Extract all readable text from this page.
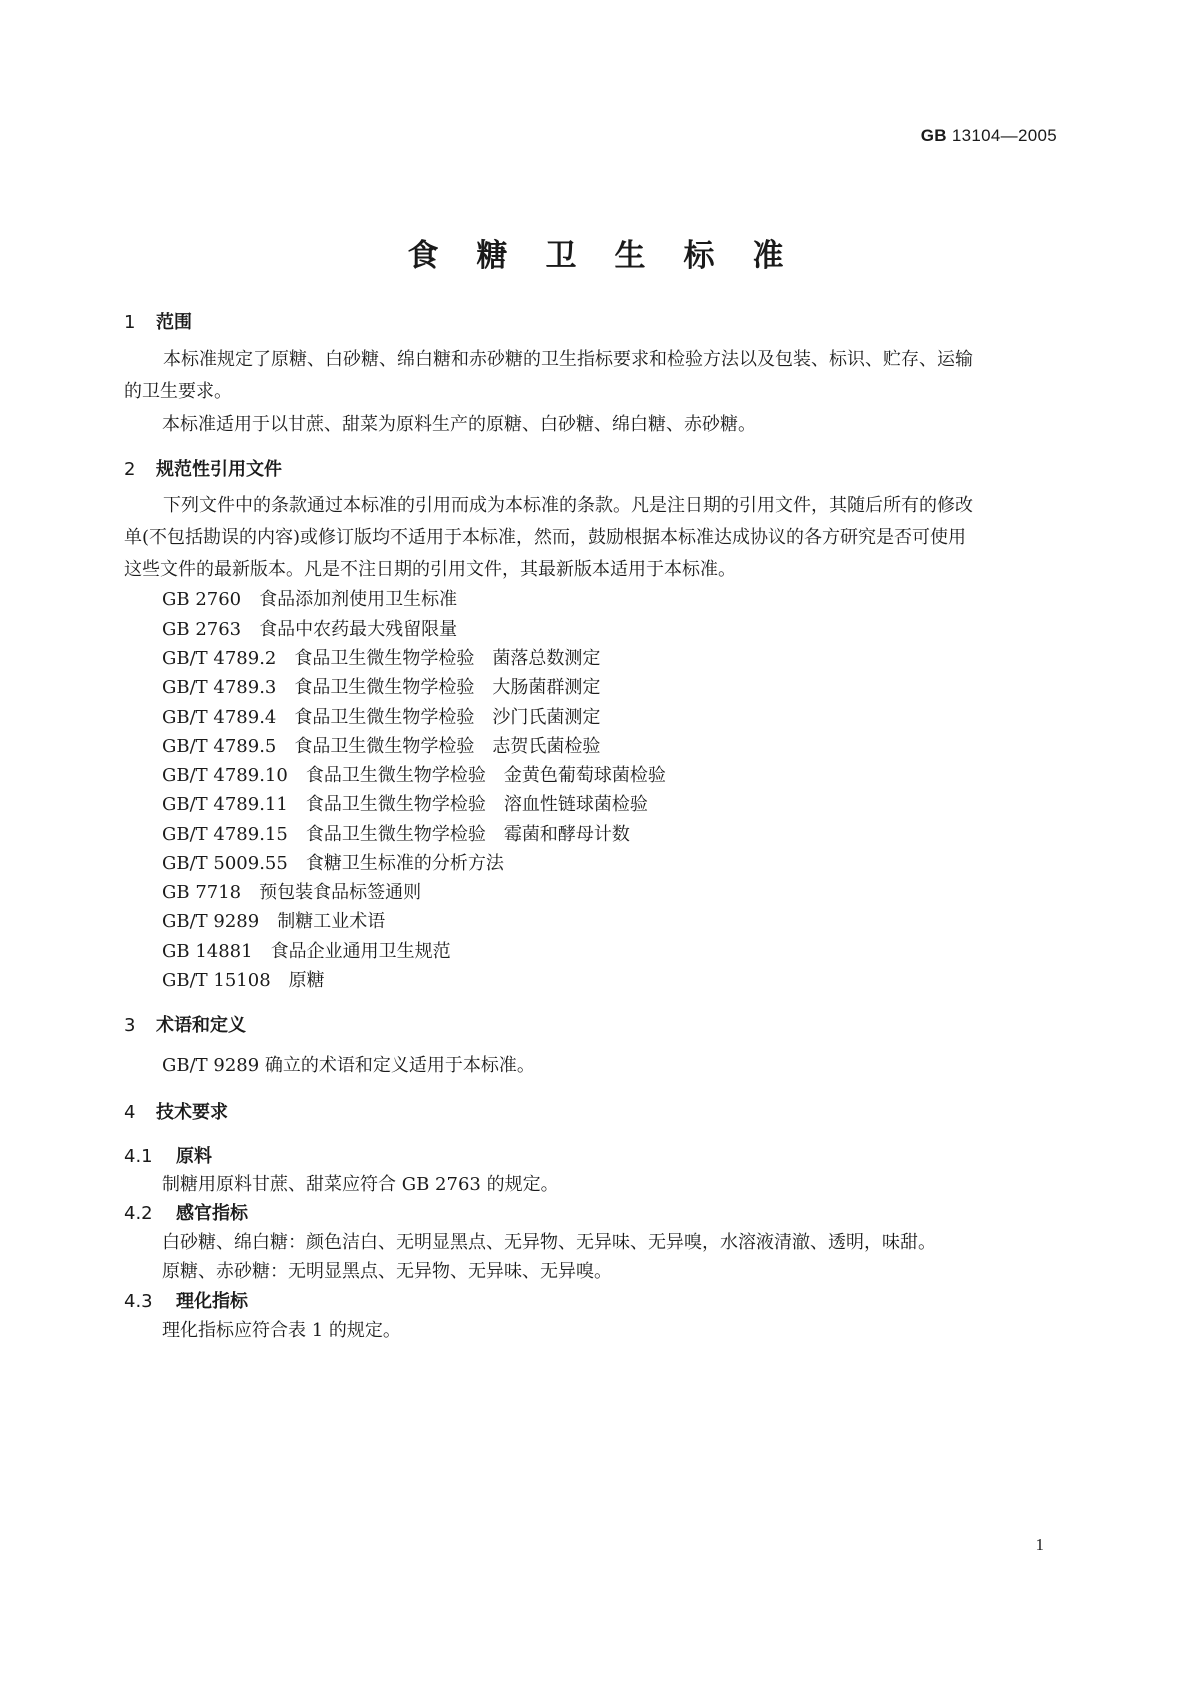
GB 13104—2005
食糖卫生标准
1 范围
本标准规定了原糖、白砂糖、绵白糖和赤砂糖的卫生指标要求和检验方法以及包装、标识、贮存、运输的卫生要求。
本标准适用于以甘蔗、甜菜为原料生产的原糖、白砂糖、绵白糖、赤砂糖。
2 规范性引用文件
下列文件中的条款通过本标准的引用而成为本标准的条款。凡是注日期的引用文件，其随后所有的修改单(不包括勘误的内容)或修订版均不适用于本标准，然而，鼓励根据本标准达成协议的各方研究是否可使用这些文件的最新版本。凡是不注日期的引用文件，其最新版本适用于本标准。
GB 2760　食品添加剂使用卫生标准
GB 2763　食品中农药最大残留限量
GB/T 4789.2　食品卫生微生物学检验　菌落总数测定
GB/T 4789.3　食品卫生微生物学检验　大肠菌群测定
GB/T 4789.4　食品卫生微生物学检验　沙门氏菌测定
GB/T 4789.5　食品卫生微生物学检验　志贺氏菌检验
GB/T 4789.10　食品卫生微生物学检验　金黄色葡萄球菌检验
GB/T 4789.11　食品卫生微生物学检验　溶血性链球菌检验
GB/T 4789.15　食品卫生微生物学检验　霉菌和酵母计数
GB/T 5009.55　食糖卫生标准的分析方法
GB 7718　预包装食品标签通则
GB/T 9289　制糖工业术语
GB 14881　食品企业通用卫生规范
GB/T 15108　原糖
3 术语和定义
GB/T 9289 确立的术语和定义适用于本标准。
4 技术要求
4.1 原料
制糖用原料甘蔗、甜菜应符合 GB 2763 的规定。
4.2 感官指标
白砂糖、绵白糖：颜色洁白、无明显黑点、无异物、无异味、无异嗅，水溶液清澈、透明，味甜。
原糖、赤砂糖：无明显黑点、无异物、无异味、无异嗅。
4.3 理化指标
理化指标应符合表 1 的规定。
1
